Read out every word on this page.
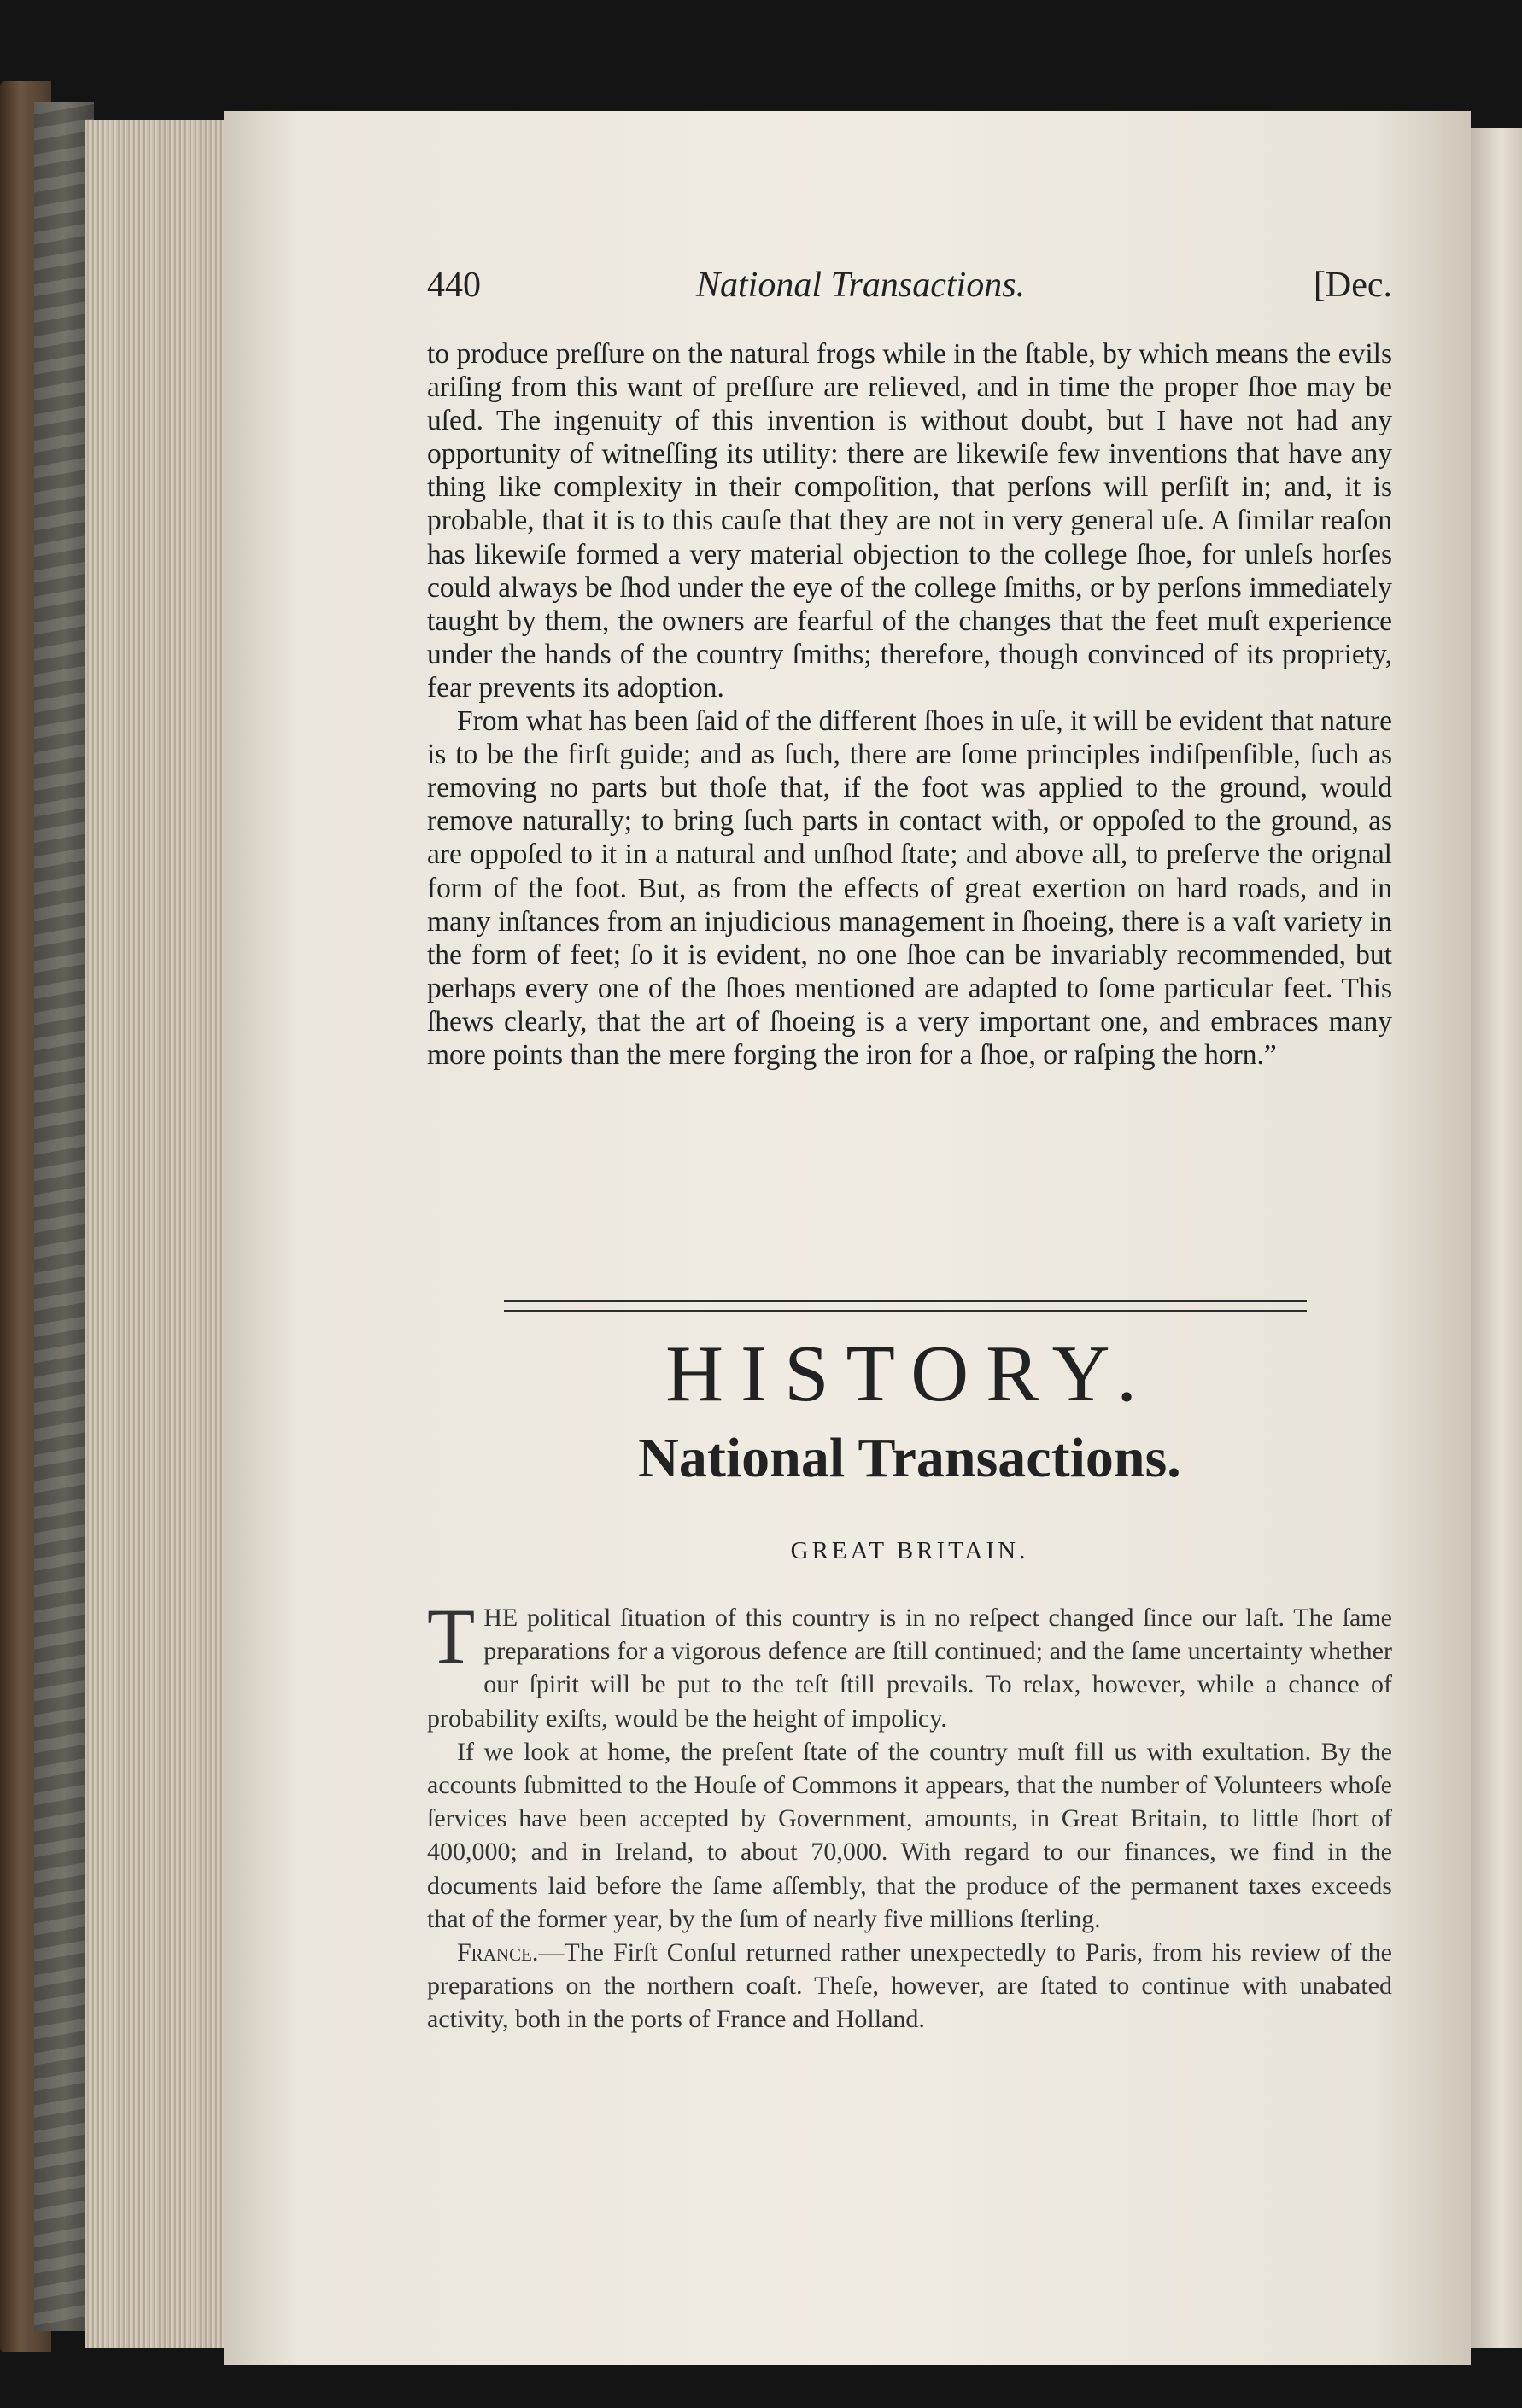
440	National Transactions.	[Dec.

to produce preſſure on the natural frogs while in the ſtable, by which means the evils ariſing from this want of preſſure are relieved, and in time the proper ſhoe may be uſed. The ingenuity of this invention is without doubt, but I have not had any opportunity of witneſſing its utility: there are likewiſe few inventions that have any thing like complexity in their compoſition, that perſons will perſiſt in; and, it is probable, that it is to this cauſe that they are not in very general uſe. A ſimilar reaſon has likewiſe formed a very material objection to the college ſhoe, for unleſs horſes could always be ſhod under the eye of the college ſmiths, or by perſons immediately taught by them, the owners are fearful of the changes that the feet muſt experience under the hands of the country ſmiths; therefore, though convinced of its propriety, fear prevents its adoption.

From what has been ſaid of the different ſhoes in uſe, it will be evident that nature is to be the firſt guide; and as ſuch, there are ſome principles indiſpenſible, ſuch as removing no parts but thoſe that, if the foot was applied to the ground, would remove naturally; to bring ſuch parts in contact with, or oppoſed to the ground, as are oppoſed to it in a natural and unſhod ſtate; and above all, to preſerve the orignal form of the foot. But, as from the effects of great exertion on hard roads, and in many inſtances from an injudicious management in ſhoeing, there is a vaſt variety in the form of feet; ſo it is evident, no one ſhoe can be invariably recommended, but perhaps every one of the ſhoes mentioned are adapted to ſome particular feet. This ſhews clearly, that the art of ſhoeing is a very important one, and embraces many more points than the mere forging the iron for a ſhoe, or raſping the horn.”

HISTORY.
National Transactions.
GREAT BRITAIN.

THE political ſituation of this country is in no reſpect changed ſince our laſt. The ſame preparations for a vigorous defence are ſtill continued; and the ſame uncertainty whether our ſpirit will be put to the teſt ſtill prevails. To relax, however, while a chance of probability exiſts, would be the height of impolicy.

If we look at home, the preſent ſtate of the country muſt fill us with exultation. By the accounts ſubmitted to the Houſe of Commons it appears, that the number of Volunteers whoſe ſervices have been accepted by Government, amounts, in Great Britain, to little ſhort of 400,000; and in Ireland, to about 70,000. With regard to our finances, we find in the documents laid before the ſame aſſembly, that the produce of the permanent taxes exceeds that of the former year, by the ſum of nearly five millions ſterling.

France.—The Firſt Conſul returned rather unexpectedly to Paris, from his review of the preparations on the northern coaſt. Theſe, however, are ſtated to continue with unabated activity, both in the ports of France and Holland.
